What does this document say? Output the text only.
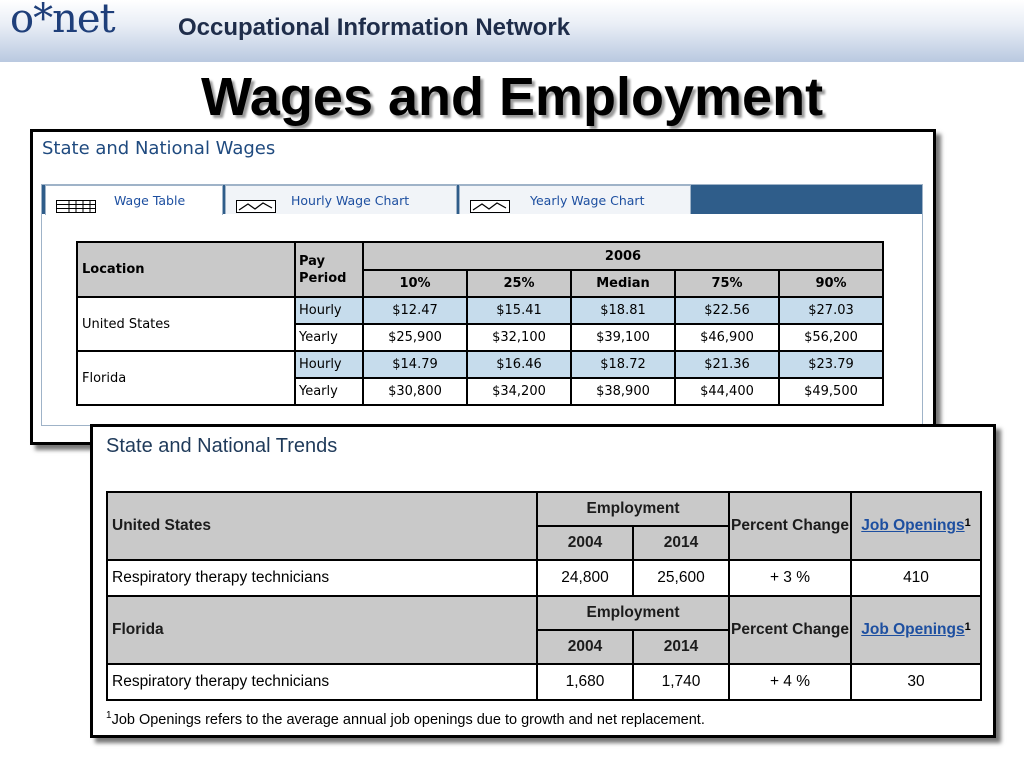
o*net	Occupational Information Network
Wages and Employment
State and National Wages
Wage Table	Hourly Wage Chart	Yearly Wage Chart
Location	Pay Period	2006				
		10%	25%	Median	75%	90%
United States	Hourly	$12.47	$15.41	$18.81	$22.56	$27.03
	Yearly	$25,900	$32,100	$39,100	$46,900	$56,200
Florida	Hourly	$14.79	$16.46	$18.72	$21.36	$23.79
	Yearly	$30,800	$34,200	$38,900	$44,400	$49,500
State and National Trends
United States	Employment		Percent Change	Job Openings$^1$
	2004	2014		
Respiratory therapy technicians	24,800	25,600	+ 3 %	410
Florida	Employment		Percent Change	Job Openings$^1$
	2004	2014		
Respiratory therapy technicians	1,680	1,740	+ 4 %	30
$^1$Job Openings refers to the average annual job openings due to growth and net replacement.
